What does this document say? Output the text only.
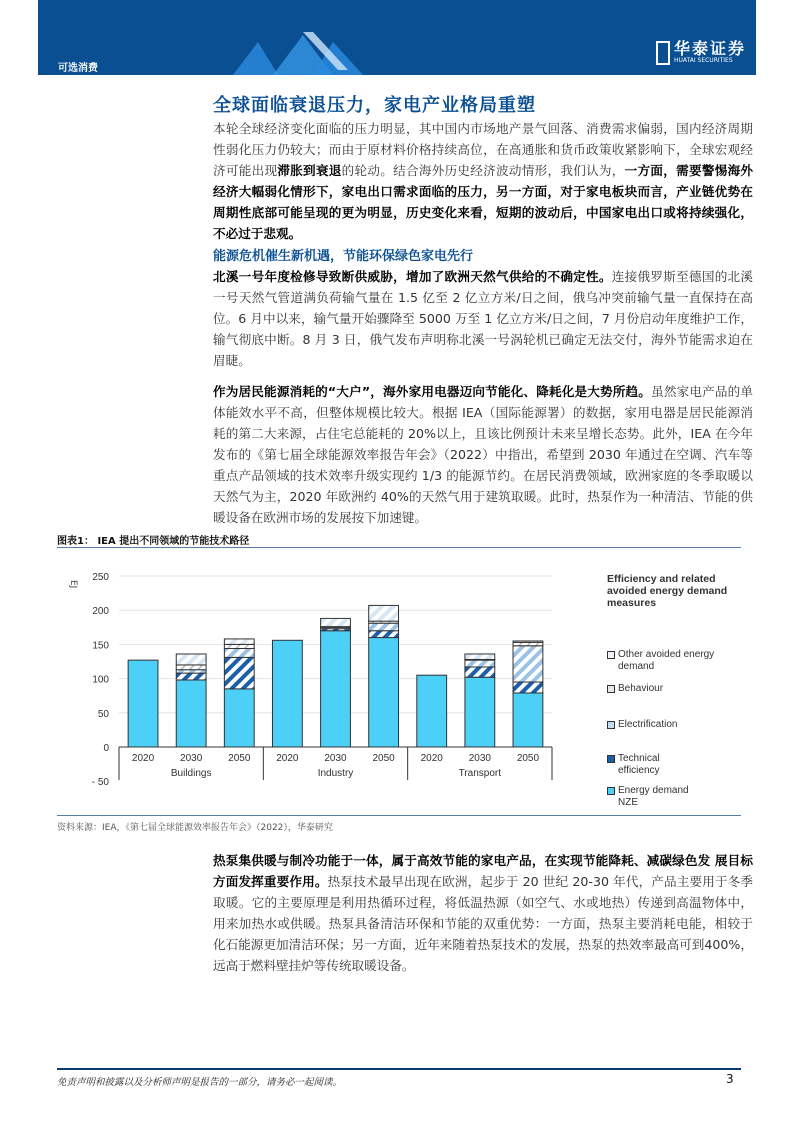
华泰证券
HUATAI SECURITIES
可选消费
全球面临衰退压力，家电产业格局重塑
本轮全球经济变化面临的压力明显，其中国内市场地产景气回落、消费需求偏弱，国内经济周期性弱化压力仍较大；而由于原材料价格持续高位，在高通胀和货币政策收紧影响下，全球宏观经济可能出现滞胀到衰退的轮动。结合海外历史经济波动情形，我们认为，一方面，需要警惕海外经济大幅弱化情形下，家电出口需求面临的压力，另一方面，对于家电板块而言，产业链优势在周期性底部可能呈现的更为明显，历史变化来看，短期的波动后，中国家电出口或将持续强化，不必过于悲观。
能源危机催生新机遇，节能环保绿色家电先行
北溪一号年度检修导致断供威胁，增加了欧洲天然气供给的不确定性。连接俄罗斯至德国的北溪一号天然气管道满负荷输气量在 1.5 亿至 2 亿立方米/日之间，俄乌冲突前输气量一直保持在高位。6 月中以来，输气量开始骤降至 5000 万至 1 亿立方米/日之间，7 月份启动年度维护工作，输气彻底中断。8 月 3 日，俄气发布声明称北溪一号涡轮机已确定无法交付，海外节能需求迫在眉睫。
作为居民能源消耗的“大户”，海外家用电器迈向节能化、降耗化是大势所趋。虽然家电产品的单体能效水平不高，但整体规模比较大。根据 IEA（国际能源署）的数据，家用电器是居民能源消耗的第二大来源，占住宅总能耗的 20%以上，且该比例预计未来呈增长态势。此外，IEA 在今年发布的《第七届全球能源效率报告年会》（2022）中指出，希望到 2030 年通过在空调、汽车等重点产品领域的技术效率升级实现约 1/3 的能源节约。在居民消费领域，欧洲家庭的冬季取暖以天然气为主，2020 年欧洲约 40%的天然气用于建筑取暖。此时，热泵作为一种清洁、节能的供暖设备在欧洲市场的发展按下加速键。
图表1： IEA 提出不同领域的节能技术路径
EJ
250
200
150
100
50
0
- 50
2020	2030	2050	2020	2030	2050	2020	2030	2050
Buildings	Industry	Transport
Efficiency and related avoided energy demand measures
Other avoided energy demand
Behaviour
Electrification
Technical efficiency
Energy demand NZE
资料来源：IEA，《第七届全球能源效率报告年会》（2022），华泰研究
热泵集供暖与制冷功能于一体，属于高效节能的家电产品，在实现节能降耗、减碳绿色发 展目标方面发挥重要作用。热泵技术最早出现在欧洲，起步于 20 世纪 20-30 年代，产品主要用于冬季取暖。它的主要原理是利用热循环过程，将低温热源（如空气、水或地热）传递到高温物体中，用来加热水或供暖。热泵具备清洁环保和节能的双重优势：一方面，热泵主要消耗电能，相较于化石能源更加清洁环保；另一方面，近年来随着热泵技术的发展，热泵的热效率最高可到400%，远高于燃料壁挂炉等传统取暖设备。
免责声明和披露以及分析师声明是报告的一部分，请务必一起阅读。	3
